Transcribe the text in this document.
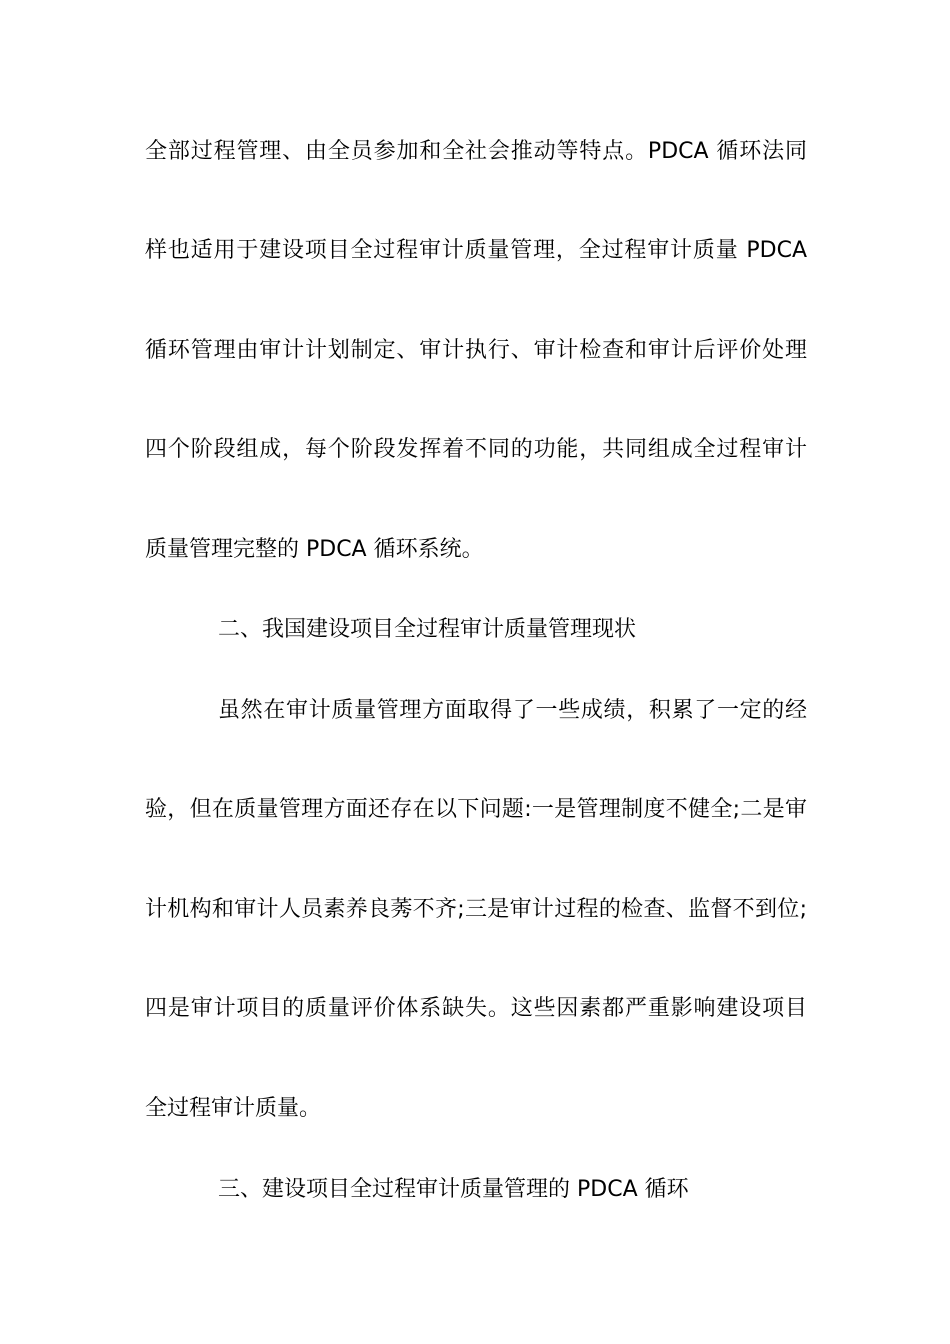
全部过程管理、由全员参加和全社会推动等特点。PDCA 循环法同
样也适用于建设项目全过程审计质量管理，全过程审计质量 PDCA
循环管理由审计计划制定、审计执行、审计检查和审计后评价处理
四个阶段组成，每个阶段发挥着不同的功能，共同组成全过程审计
质量管理完整的 PDCA 循环系统。
二、我国建设项目全过程审计质量管理现状
虽然在审计质量管理方面取得了一些成绩，积累了一定的经
验，但在质量管理方面还存在以下问题:一是管理制度不健全;二是审
计机构和审计人员素养良莠不齐;三是审计过程的检查、监督不到位;
四是审计项目的质量评价体系缺失。这些因素都严重影响建设项目
全过程审计质量。
三、建设项目全过程审计质量管理的 PDCA 循环
